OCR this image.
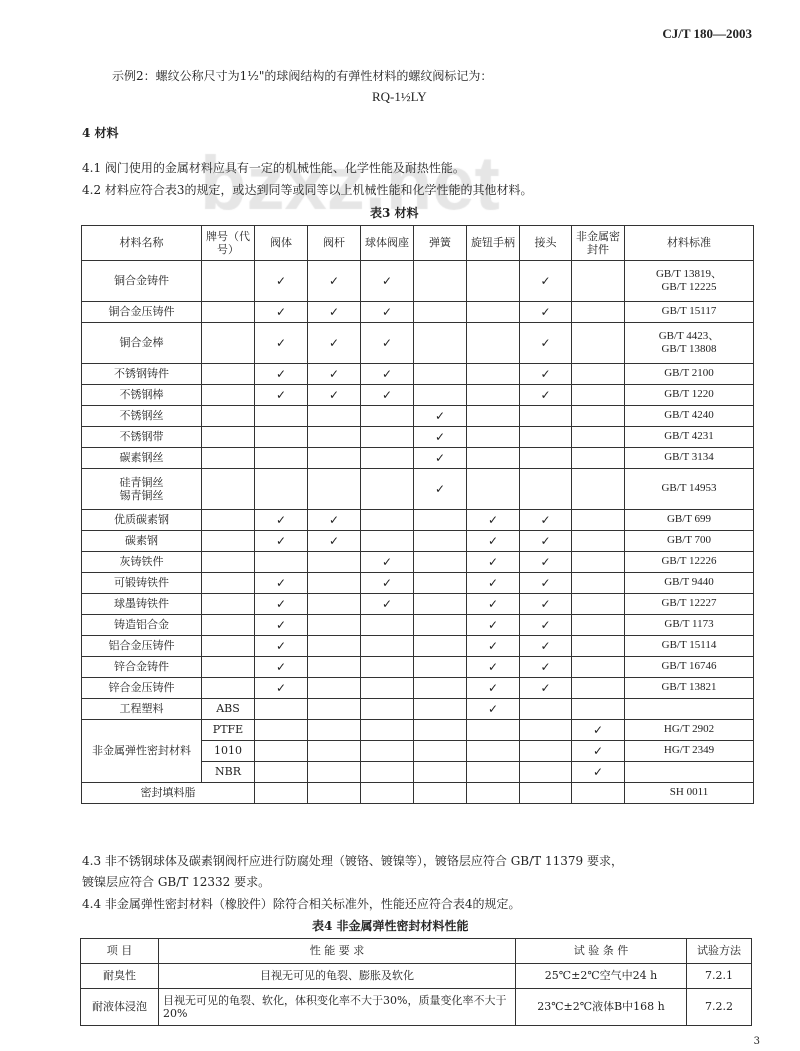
CJ/T 180—2003
示例2：螺纹公称尺寸为1½"的球阀结构的有弹性材料的螺纹阀标记为：
RQ-1½LY
4 材料
4.1 阀门使用的金属材料应具有一定的机械性能、化学性能及耐热性能。
4.2 材料应符合表3的规定，或达到同等或同等以上机械性能和化学性能的其他材料。
表3 材料
材料名称	牌号（代号）	阀体	阀杆	球体阀座	弹簧	旋钮手柄	接头	非金属密封件	材料标准
铜合金铸件		✓	✓	✓			✓		GB/T 13819、
GB/T 12225
铜合金压铸件		✓	✓	✓			✓		GB/T 15117
铜合金棒		✓	✓	✓			✓		GB/T 4423、
GB/T 13808
不锈钢铸件		✓	✓	✓			✓		GB/T 2100
不锈钢棒		✓	✓	✓			✓		GB/T 1220
不锈钢丝					✓				GB/T 4240
不锈钢带					✓				GB/T 4231
碳素钢丝					✓				GB/T 3134
硅青铜丝
锡青铜丝					✓				GB/T 14953
优质碳素钢		✓	✓			✓	✓		GB/T 699
碳素钢		✓	✓			✓	✓		GB/T 700
灰铸铁件				✓		✓	✓		GB/T 12226
可锻铸铁件		✓		✓		✓	✓		GB/T 9440
球墨铸铁件		✓		✓		✓	✓		GB/T 12227
铸造铝合金		✓				✓	✓		GB/T 1173
铝合金压铸件		✓				✓	✓		GB/T 15114
锌合金铸件		✓				✓	✓		GB/T 16746
锌合金压铸件		✓				✓	✓		GB/T 13821
工程塑料	ABS					✓			
非金属弹性密封材料	PTFE							✓	HG/T 2902
	1010							✓	HG/T 2349
	NBR							✓	
密封填料脂									SH 0011
4.3 非不锈钢球体及碳素钢阀杆应进行防腐处理（镀铬、镀镍等），镀铬层应符合 GB/T 11379 要求，
镀镍层应符合 GB/T 12332 要求。
4.4 非金属弹性密封材料（橡胶件）除符合相关标准外，性能还应符合表4的规定。
表4 非金属弹性密封材料性能
项 目	性 能 要 求	试 验 条 件	试验方法
耐臭性	目视无可见的龟裂、膨胀及软化	25℃±2℃空气中24 h	7.2.1
耐液体浸泡	目视无可见的龟裂、软化，体积变化率不大于30%，质量变化率不大于20%	23℃±2℃液体B中168 h	7.2.2
3
